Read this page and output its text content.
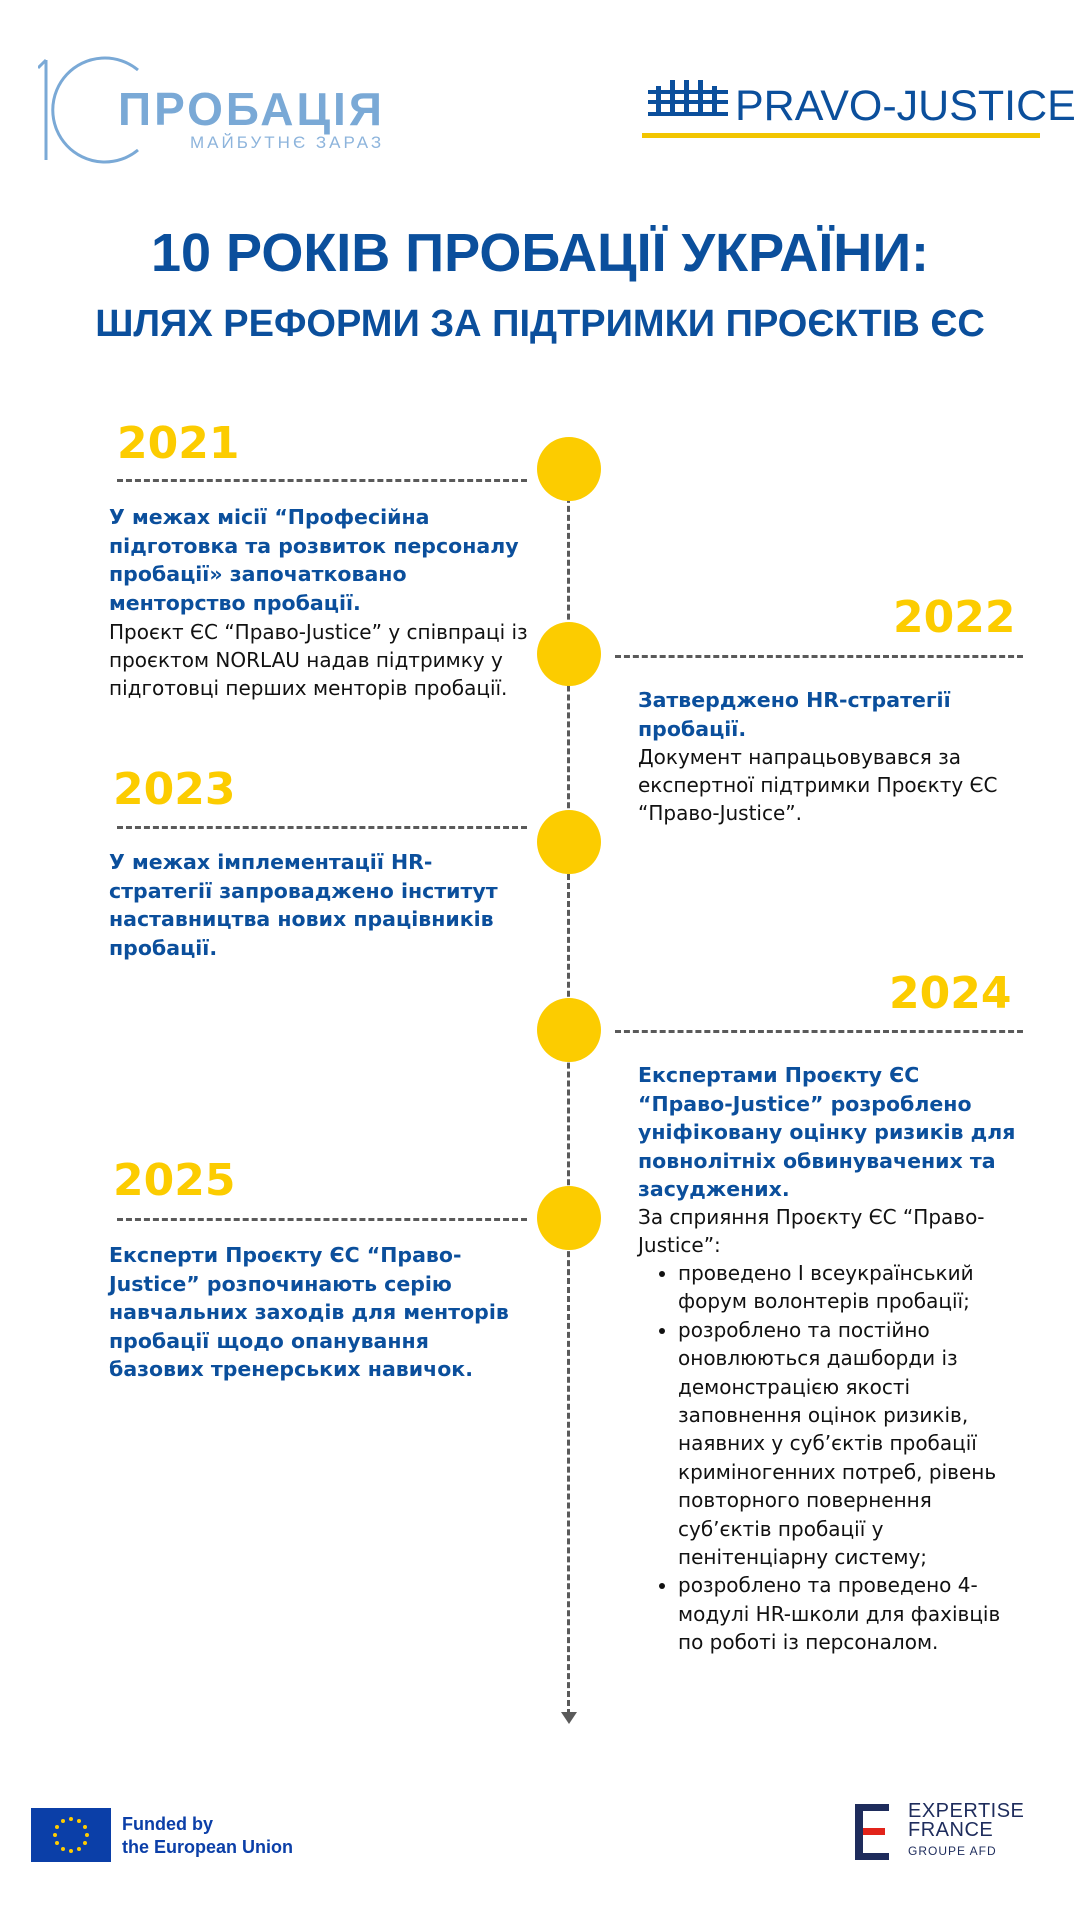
ПРОБАЦІЯ
МАЙБУТНЄ ЗАРАЗ
PRAVO-JUSTICE
10 РОКІВ ПРОБАЦІЇ УКРАЇНИ:
ШЛЯХ РЕФОРМИ ЗА ПІДТРИМКИ ПРОЄКТІВ ЄС
2021
У межах місії “Професійна підготовка та розвиток персоналу пробації» започатковано менторство пробації.
Проєкт ЄС “Право-Justice” у співпраці із проєктом NORLAU надав підтримку у підготовці перших менторів пробації.
2022
Затверджено HR-стратегії пробації.
Документ напрацьовувався за експертної підтримки Проєкту ЄС “Право-Justice”.
2023
У межах імплементації HR-стратегії запроваджено інститут наставництва нових працівників пробації.
2024
Експертами Проєкту ЄС “Право-Justice” розроблено уніфіковану оцінку ризиків для повнолітніх обвинувачених та засуджених.
За сприяння Проєкту ЄС “Право-Justice”:
• проведено І всеукраїнський форум волонтерів пробації;
• розроблено та постійно оновлюються дашборди із демонстрацією якості заповнення оцінок ризиків, наявних у суб’єктів пробації криміногенних потреб, рівень повторного повернення суб’єктів пробації у пенітенціарну систему;
• розроблено та проведено 4-модулі HR-школи для фахівців по роботі із персоналом.
2025
Експерти Проєкту ЄС “Право-Justice” розпочинають серію навчальних заходів для менторів пробації щодо опанування базових тренерських навичок.
Funded by
the European Union
EXPERTISE
FRANCE
GROUPE AFD
